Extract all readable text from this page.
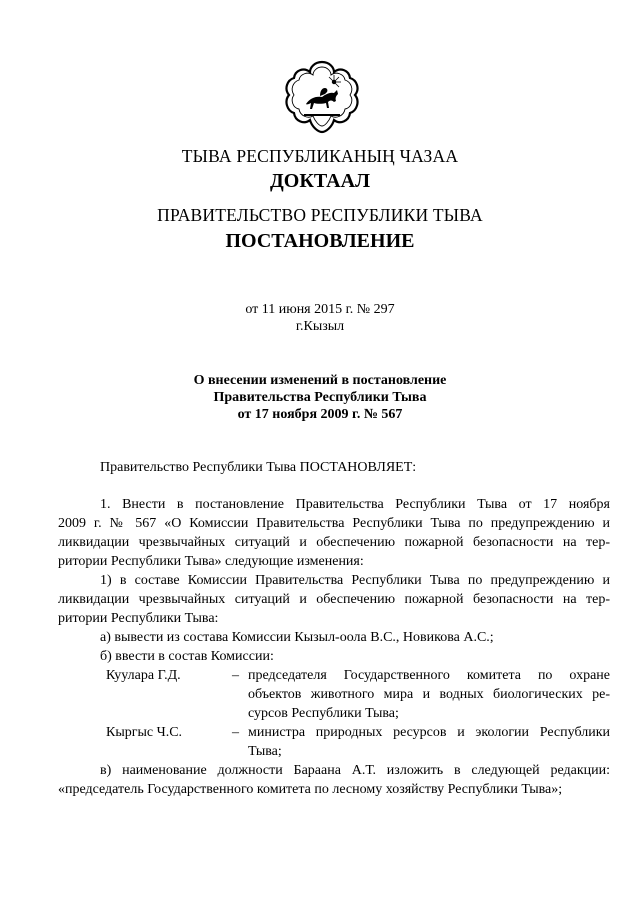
ТЫВА РЕСПУБЛИКАНЫҢ ЧАЗАА
ДОКТААЛ
ПРАВИТЕЛЬСТВО РЕСПУБЛИКИ ТЫВА
ПОСТАНОВЛЕНИЕ
от 11 июня 2015 г. № 297
г.Кызыл
О внесении изменений в постановление
Правительства Республики Тыва
от 17 ноября 2009 г. № 567
Правительство Республики Тыва ПОСТАНОВЛЯЕТ:
1. Внести в постановление Правительства Республики Тыва от 17 ноября
2009 г. № 567 «О Комиссии Правительства Республики Тыва по предупреждению и
ликвидации чрезвычайных ситуаций и обеспечению пожарной безопасности на тер-
ритории Республики Тыва» следующие изменения:
1) в составе Комиссии Правительства Республики Тыва по предупреждению и
ликвидации чрезвычайных ситуаций и обеспечению пожарной безопасности на тер-
ритории Республики Тыва:
а) вывести из состава Комиссии Кызыл-оола В.С., Новикова А.С.;
б) ввести в состав Комиссии:
Куулара Г.Д.	– председателя Государственного комитета по охране
объектов животного мира и водных биологических ре-
сурсов Республики Тыва;
Кыргыс Ч.С.	– министра природных ресурсов и экологии Республики
Тыва;
в) наименование должности Бараана А.Т. изложить в следующей редакции:
«председатель Государственного комитета по лесному хозяйству Республики Тыва»;
